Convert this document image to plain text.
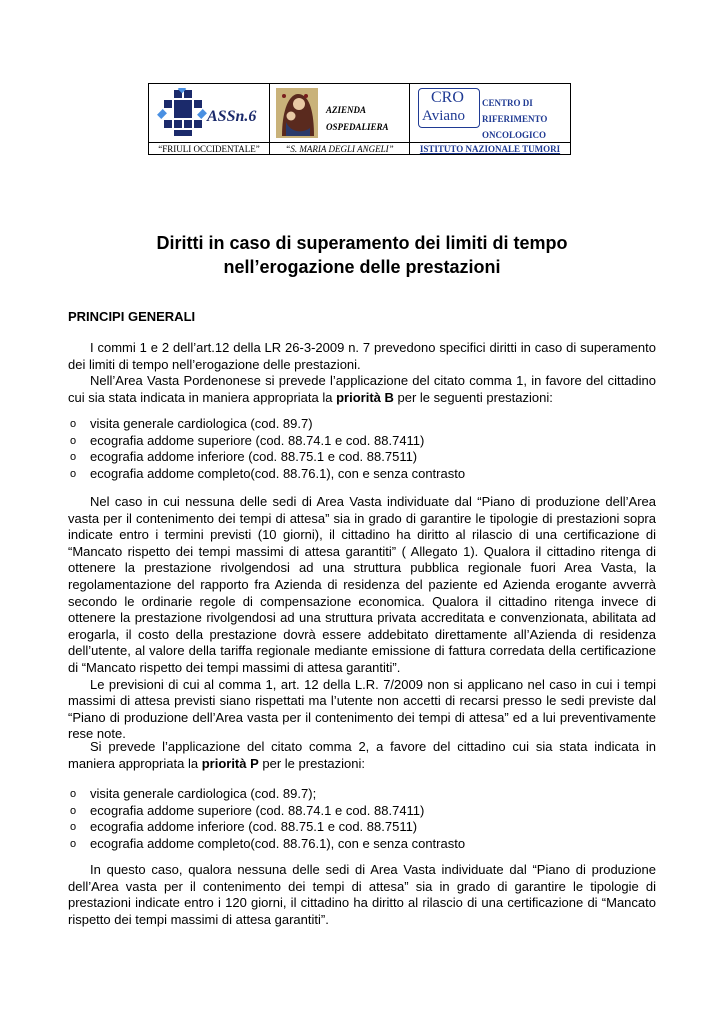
ASSn.6
“FRIULI OCCIDENTALE”
AZIENDA
OSPEDALIERA
“S. MARIA DEGLI ANGELI”
CRO
Aviano
CENTRO DI
RIFERIMENTO
ONCOLOGICO
ISTITUTO NAZIONALE TUMORI
Diritti in caso di superamento dei limiti di tempo
nell’erogazione delle prestazioni
PRINCIPI GENERALI
I commi 1 e 2 dell’art.12 della LR 26-3-2009 n. 7 prevedono specifici diritti in caso di superamento dei limiti di tempo nell’erogazione delle prestazioni.
Nell’Area Vasta Pordenonese si prevede l’applicazione del citato comma 1, in favore del cittadino cui sia stata indicata in maniera appropriata la priorità B per le seguenti prestazioni:
o visita generale cardiologica (cod. 89.7)
o ecografia addome superiore (cod. 88.74.1 e cod. 88.7411)
o ecografia addome inferiore (cod. 88.75.1 e cod. 88.7511)
o ecografia addome completo(cod. 88.76.1), con e senza contrasto
Nel caso in cui nessuna delle sedi di Area Vasta individuate dal “Piano di produzione dell’Area vasta per il contenimento dei tempi di attesa” sia in grado di garantire le tipologie di prestazioni sopra indicate entro i termini previsti (10 giorni), il cittadino ha diritto al rilascio di una certificazione di “Mancato rispetto dei tempi massimi di attesa garantiti” ( Allegato 1). Qualora il cittadino ritenga di ottenere la prestazione rivolgendosi ad una struttura pubblica regionale fuori Area Vasta, la regolamentazione del rapporto fra Azienda di residenza del paziente ed Azienda erogante avverrà secondo le ordinarie regole di compensazione economica. Qualora il cittadino ritenga invece di ottenere la prestazione rivolgendosi ad una struttura privata accreditata e convenzionata, abilitata ad erogarla, il costo della prestazione dovrà essere addebitato direttamente all’Azienda di residenza dell’utente, al valore della tariffa regionale mediante emissione di fattura corredata della certificazione di “Mancato rispetto dei tempi massimi di attesa garantiti”.
Le previsioni di cui al comma 1, art. 12 della L.R. 7/2009 non si applicano nel caso in cui i tempi massimi di attesa previsti siano rispettati ma l’utente non accetti di recarsi presso le sedi previste dal “Piano di produzione dell’Area vasta per il contenimento dei tempi di attesa” ed a lui preventivamente rese note.
Si prevede l’applicazione del citato comma 2, a favore del cittadino cui sia stata indicata in maniera appropriata la priorità P per le prestazioni:
o visita generale cardiologica (cod. 89.7);
o ecografia addome superiore (cod. 88.74.1 e cod. 88.7411)
o ecografia addome inferiore (cod. 88.75.1 e cod. 88.7511)
o ecografia addome completo(cod. 88.76.1), con e senza contrasto
In questo caso, qualora nessuna delle sedi di Area Vasta individuate dal “Piano di produzione dell’Area vasta per il contenimento dei tempi di attesa” sia in grado di garantire le tipologie di prestazioni indicate entro i 120 giorni, il cittadino ha diritto al rilascio di una certificazione di “Mancato rispetto dei tempi massimi di attesa garantiti”.
